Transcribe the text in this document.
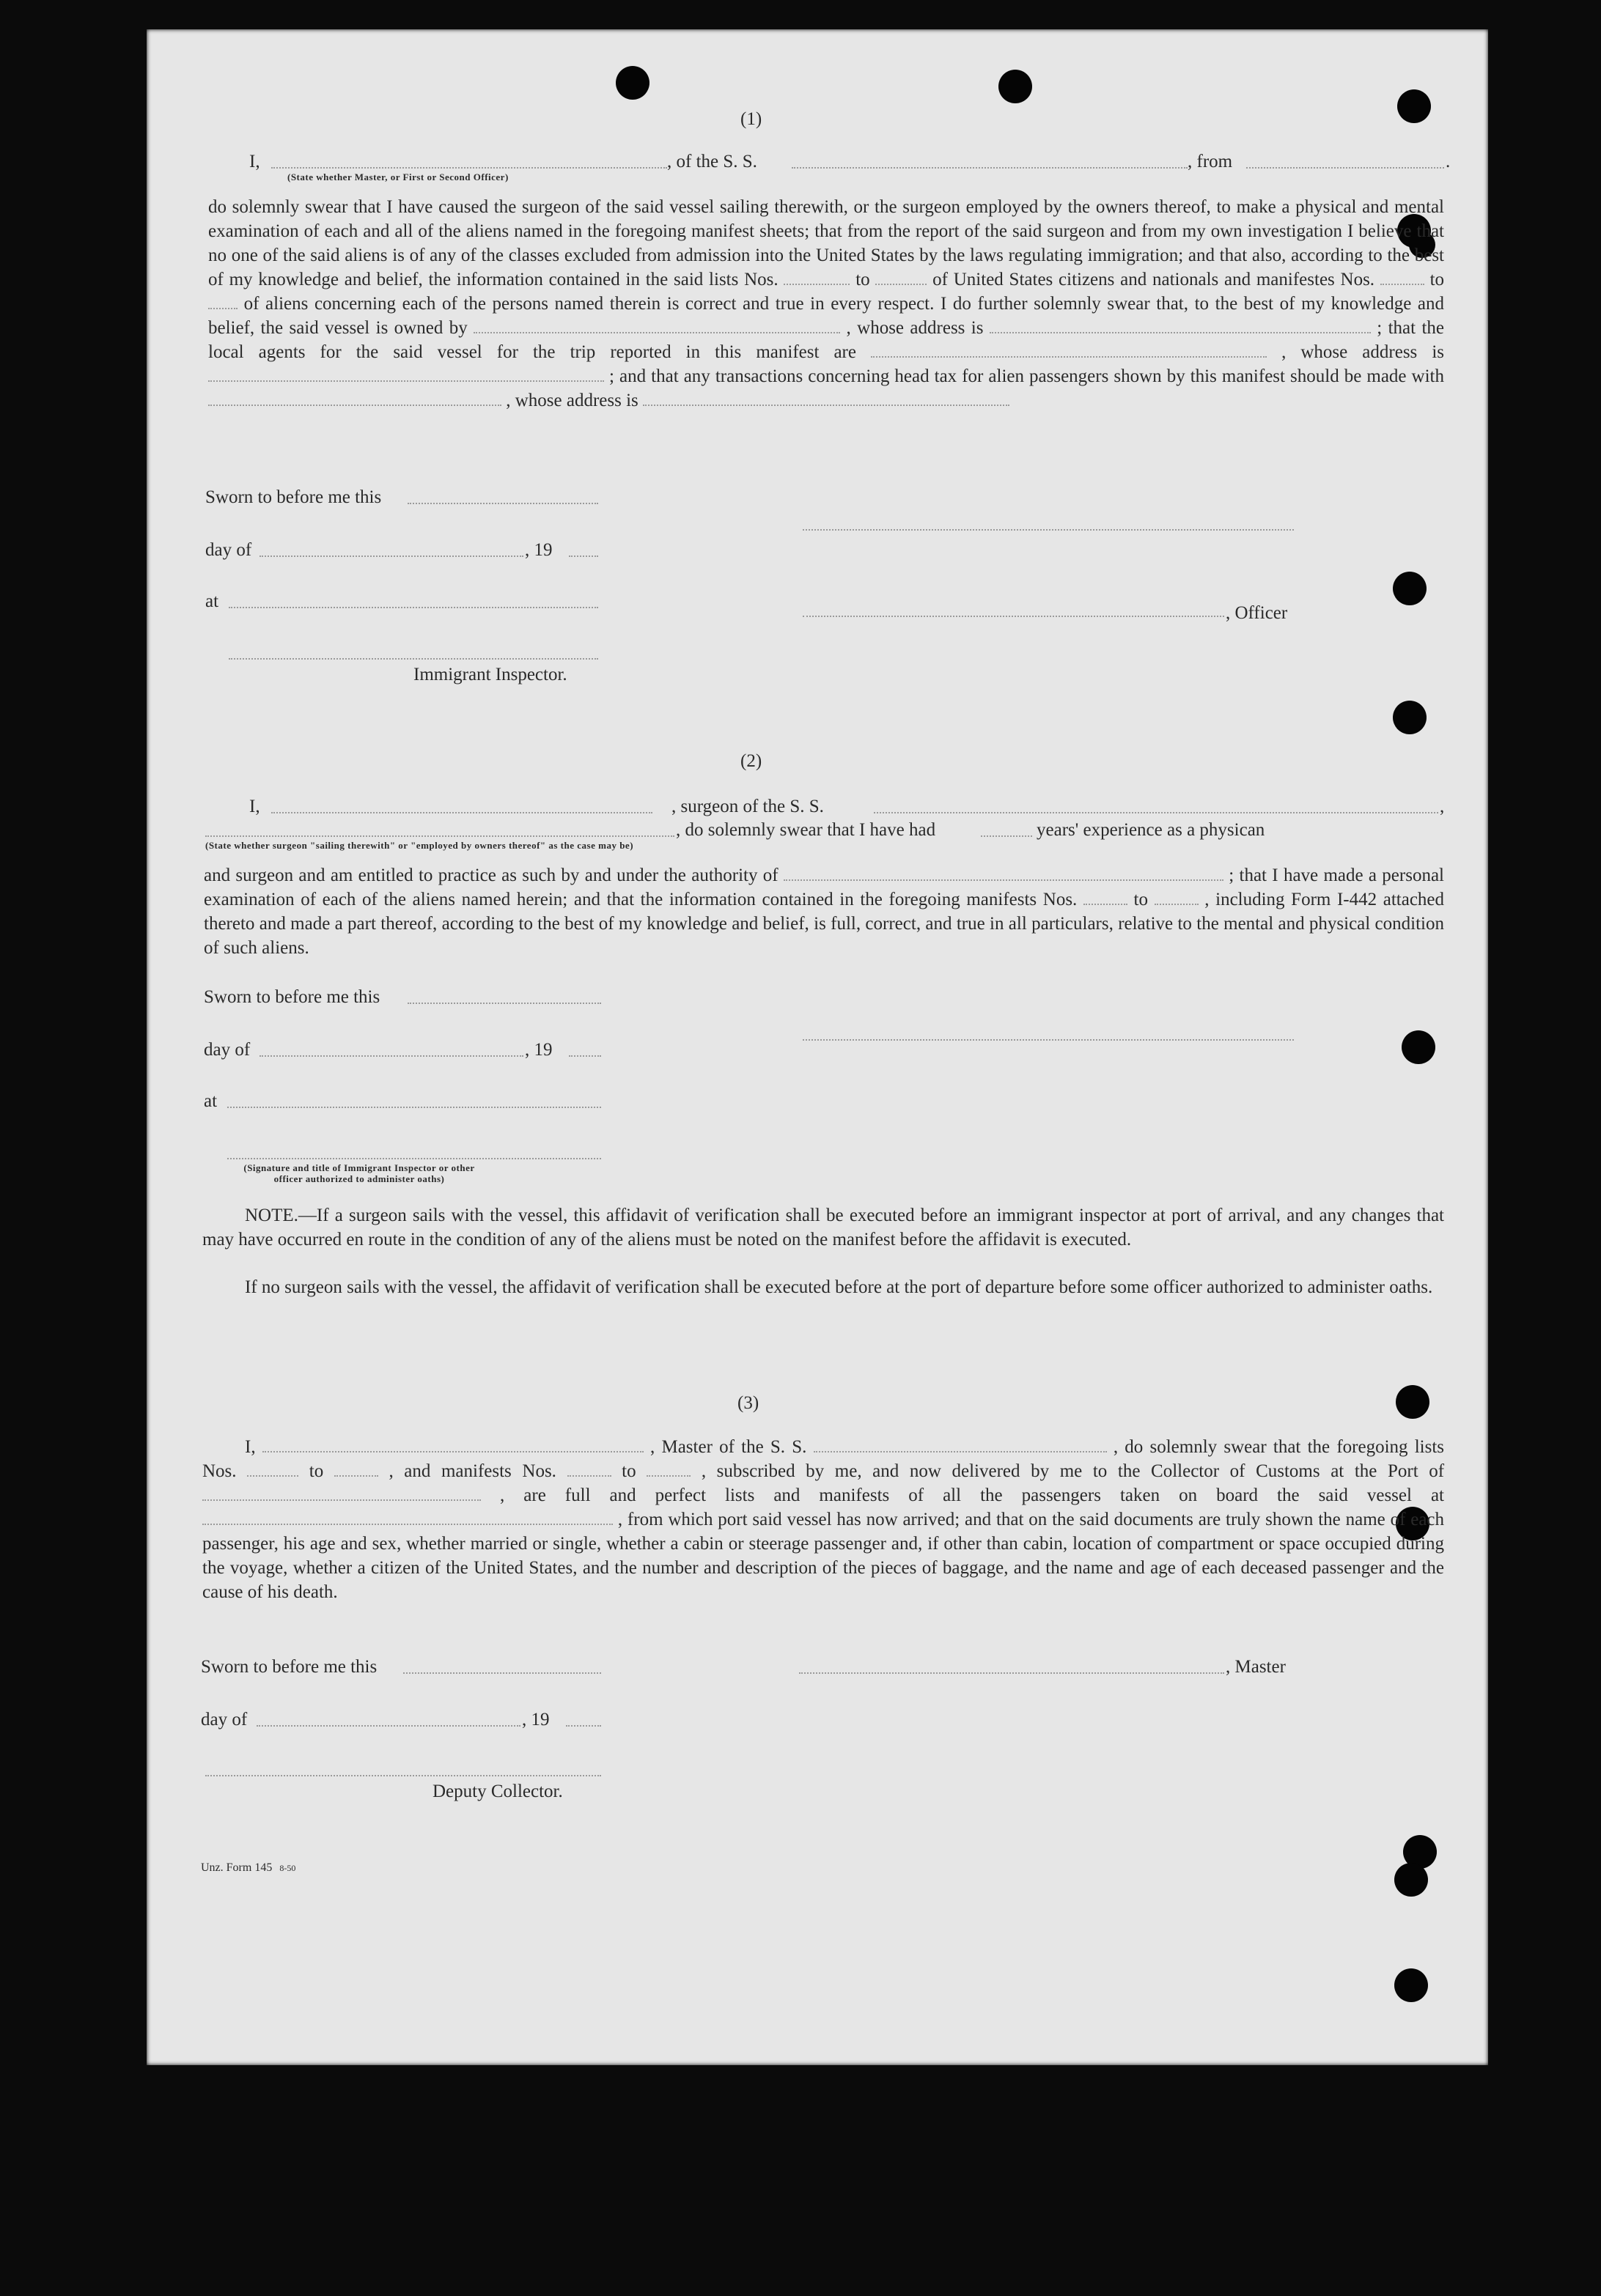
(1)
I,	, of the S. S.	, from	.
(State whether Master, or First or Second Officer)
do solemnly swear that I have caused the surgeon of the said vessel sailing therewith, or the surgeon employed by the owners thereof, to make a physical and mental examination of each and all of the aliens named in the foregoing manifest sheets; that from the report of the said surgeon and from my own investigation I believe that no one of the said aliens is of any of the classes excluded from admission into the United States by the laws regulating immigration; and that also, according to the best of my knowledge and belief, the information contained in the said lists Nos.	to	of United States citizens and nationals and manifestes Nos.	to  of aliens concerning each of the persons named therein is correct and true in every respect. I do further solemnly swear that, to the best of my knowledge and belief, the said vessel is owned by	, whose address is	; that the local agents for the said vessel for the trip reported in this manifest are	, whose address is  ; and that any transactions concerning head tax for alien passengers shown by this manifest should be made with  , whose address is
Sworn to before me this
day of	, 19
at
, Officer
Immigrant Inspector.
(2)
I,	, surgeon of the S. S.	,
, do solemnly swear that I have had	years' experience as a physican
(State whether surgeon "sailing therewith" or "employed by owners thereof" as the case may be)
and surgeon and am entitled to practice as such by and under the authority of	; that I have made a personal examination of each of the aliens named herein; and that the information contained in the foregoing manifests Nos.	to	, including Form I-442 attached thereto and made a part thereof, according to the best of my knowledge and belief, is full, correct, and true in all particulars, relative to the mental and physical condition of such aliens.
Sworn to before me this
day of	, 19
at
(Signature and title of Immigrant Inspector or other
officer authorized to administer oaths)
NOTE.—If a surgeon sails with the vessel, this affidavit of verification shall be executed before an immigrant inspector at port of arrival, and any changes that may have occurred en route in the condition of any of the aliens must be noted on the manifest before the affidavit is executed.
If no surgeon sails with the vessel, the affidavit of verification shall be executed before at the port of departure before some officer authorized to administer oaths.
(3)
I,	, Master of the S. S.	, do solemnly swear that the foregoing lists Nos.	to	, and manifests Nos.	to	, subscribed by me, and now delivered by me to the Collector of Customs at the Port of  , are full and perfect lists and manifests of all the passengers taken on board the said vessel at  , from which port said vessel has now arrived; and that on the said documents are truly shown the name of each passenger, his age and sex, whether married or single, whether a cabin or steerage passenger and, if other than cabin, location of compartment or space occupied during the voyage, whether a citizen of the United States, and the number and description of the pieces of baggage, and the name and age of each deceased passenger and the cause of his death.
Sworn to before me this	, Master
day of	, 19
Deputy Collector.
Unz. Form 145 8-50
